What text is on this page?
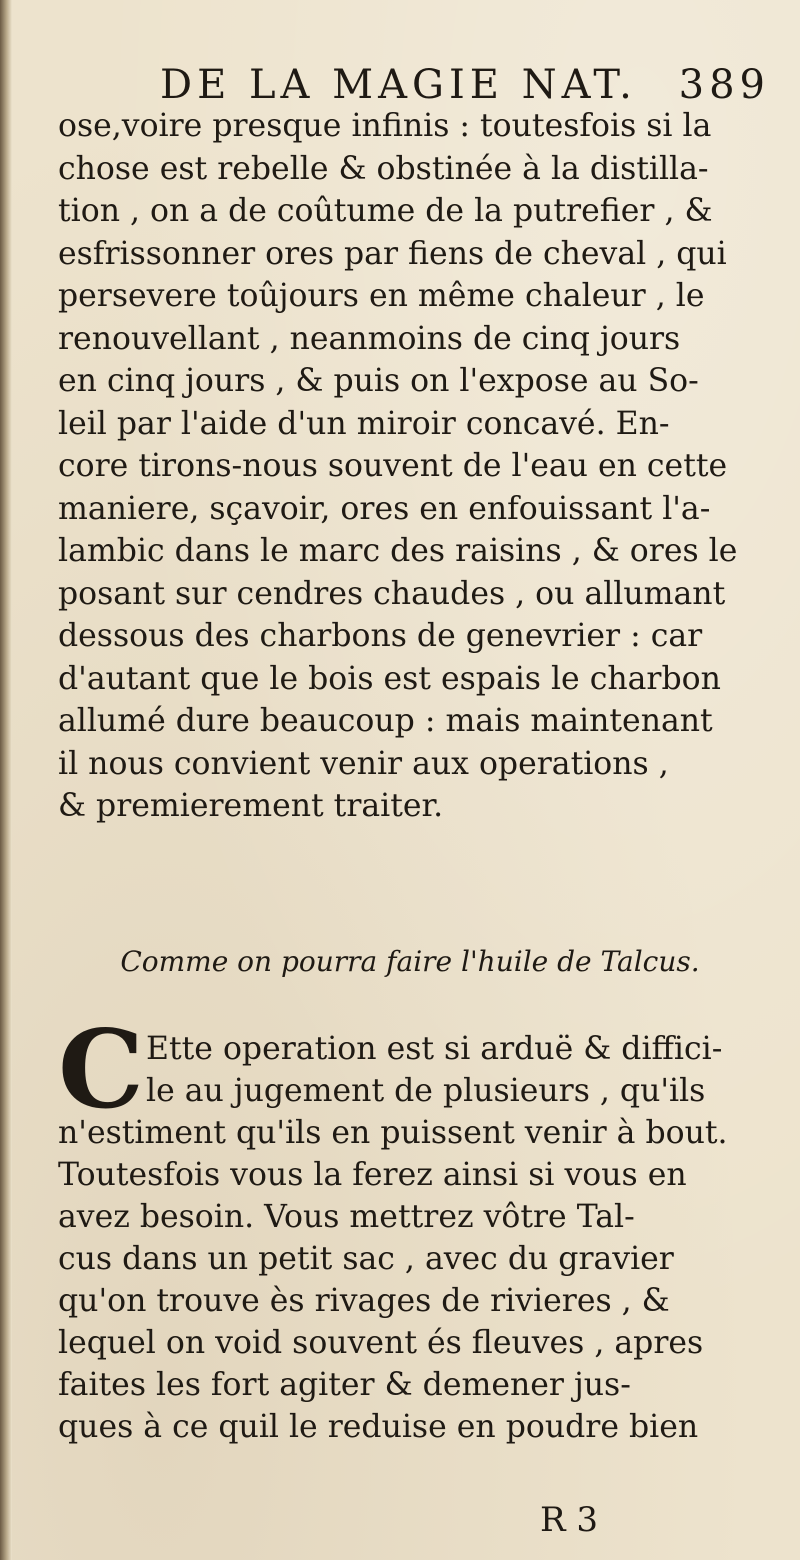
DE LA MAGIE NAT. 389
ose,voire presque infinis : toutesfois si la
chose est rebelle & obstinée à la distilla-
tion , on a de coûtume de la putrefier , &
esfrissonner ores par fiens de cheval , qui
persevere toûjours en même chaleur , le
renouvellant , neanmoins de cinq jours
en cinq jours , & puis on l'expose au So-
leil par l'aide d'un miroir concavé. En-
core tirons-nous souvent de l'eau en cette
maniere, sçavoir, ores en enfouissant l'a-
lambic dans le marc des raisins , & ores le
posant sur cendres chaudes , ou allumant
dessous des charbons de genevrier : car
d'autant que le bois est espais le charbon
allumé dure beaucoup : mais maintenant
il nous convient venir aux operations ,
& premierement traiter.
Comme on pourra faire l'huile de Talcus.
C Ette operation est si arduë & diffici-
le au jugement de plusieurs , qu'ils
n'estiment qu'ils en puissent venir à bout.
Toutesfois vous la ferez ainsi si vous en
avez besoin. Vous mettrez vôtre Tal-
cus dans un petit sac , avec du gravier
qu'on trouve ès rivages de rivieres , &
lequel on void souvent és fleuves , apres
faites les fort agiter & demener jus-
ques à ce quil le reduise en poudre bien
R 3
